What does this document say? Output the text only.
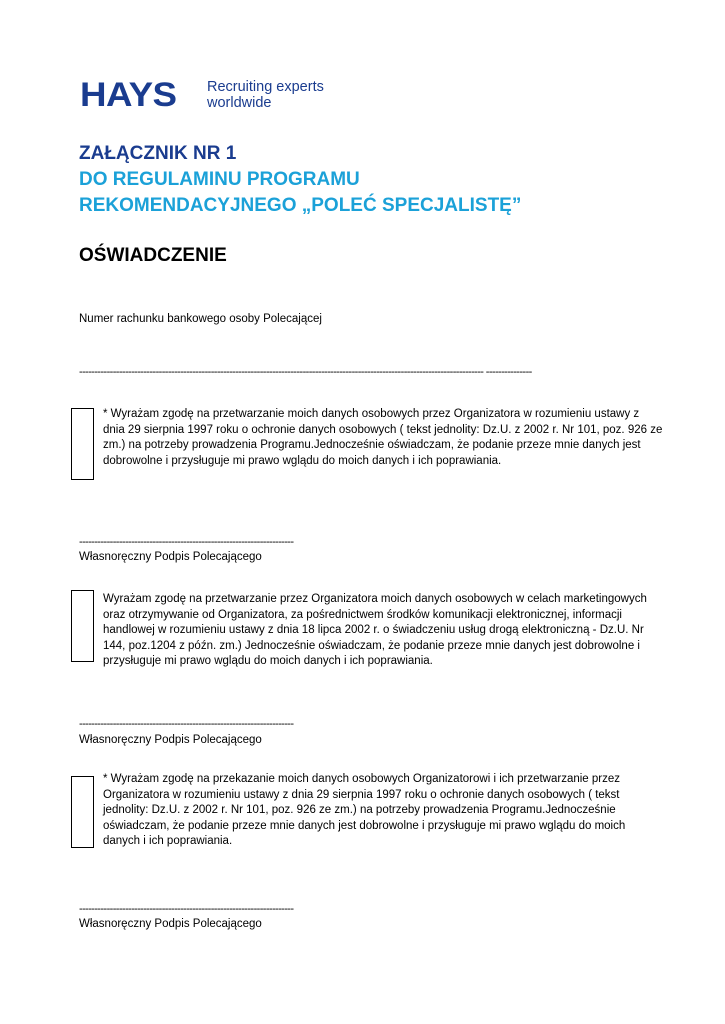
HAYS Recruiting experts
worldwide
ZAŁĄCZNIK NR 1
DO REGULAMINU PROGRAMU
REKOMENDACYJNEGO „POLEĆ SPECJALISTĘ”
OŚWIADCZENIE
Numer rachunku bankowego osoby Polecającej
------------------------------------------------------------------------------------------------------------------------------------ ---------------
* Wyrażam zgodę na przetwarzanie moich danych osobowych przez Organizatora w rozumieniu ustawy z dnia 29 sierpnia 1997 roku o ochronie danych osobowych ( tekst jednolity: Dz.U. z 2002 r. Nr 101, poz. 926 ze zm.) na potrzeby prowadzenia Programu.Jednocześnie oświadczam, że podanie przeze mnie danych jest dobrowolne i przysługuje mi prawo wglądu do moich danych i ich poprawiania.
----------------------------------------------------------------------
Własnoręczny Podpis Polecającego
Wyrażam zgodę na przetwarzanie przez Organizatora moich danych osobowych w celach marketingowych oraz otrzymywanie od Organizatora, za pośrednictwem środków komunikacji elektronicznej, informacji handlowej w rozumieniu ustawy z dnia 18 lipca 2002 r. o świadczeniu usług drogą elektroniczną - Dz.U. Nr 144, poz.1204 z późn. zm.) Jednocześnie oświadczam, że podanie przeze mnie danych jest dobrowolne i przysługuje mi prawo wglądu do moich danych i ich poprawiania.
----------------------------------------------------------------------
Własnoręczny Podpis Polecającego
* Wyrażam zgodę na przekazanie moich danych osobowych Organizatorowi i ich przetwarzanie przez Organizatora w rozumieniu ustawy z dnia 29 sierpnia 1997 roku o ochronie danych osobowych ( tekst jednolity: Dz.U. z 2002 r. Nr 101, poz. 926 ze zm.) na potrzeby prowadzenia Programu.Jednocześnie oświadczam, że podanie przeze mnie danych jest dobrowolne i przysługuje mi prawo wglądu do moich danych i ich poprawiania.
----------------------------------------------------------------------
Własnoręczny Podpis Polecającego
